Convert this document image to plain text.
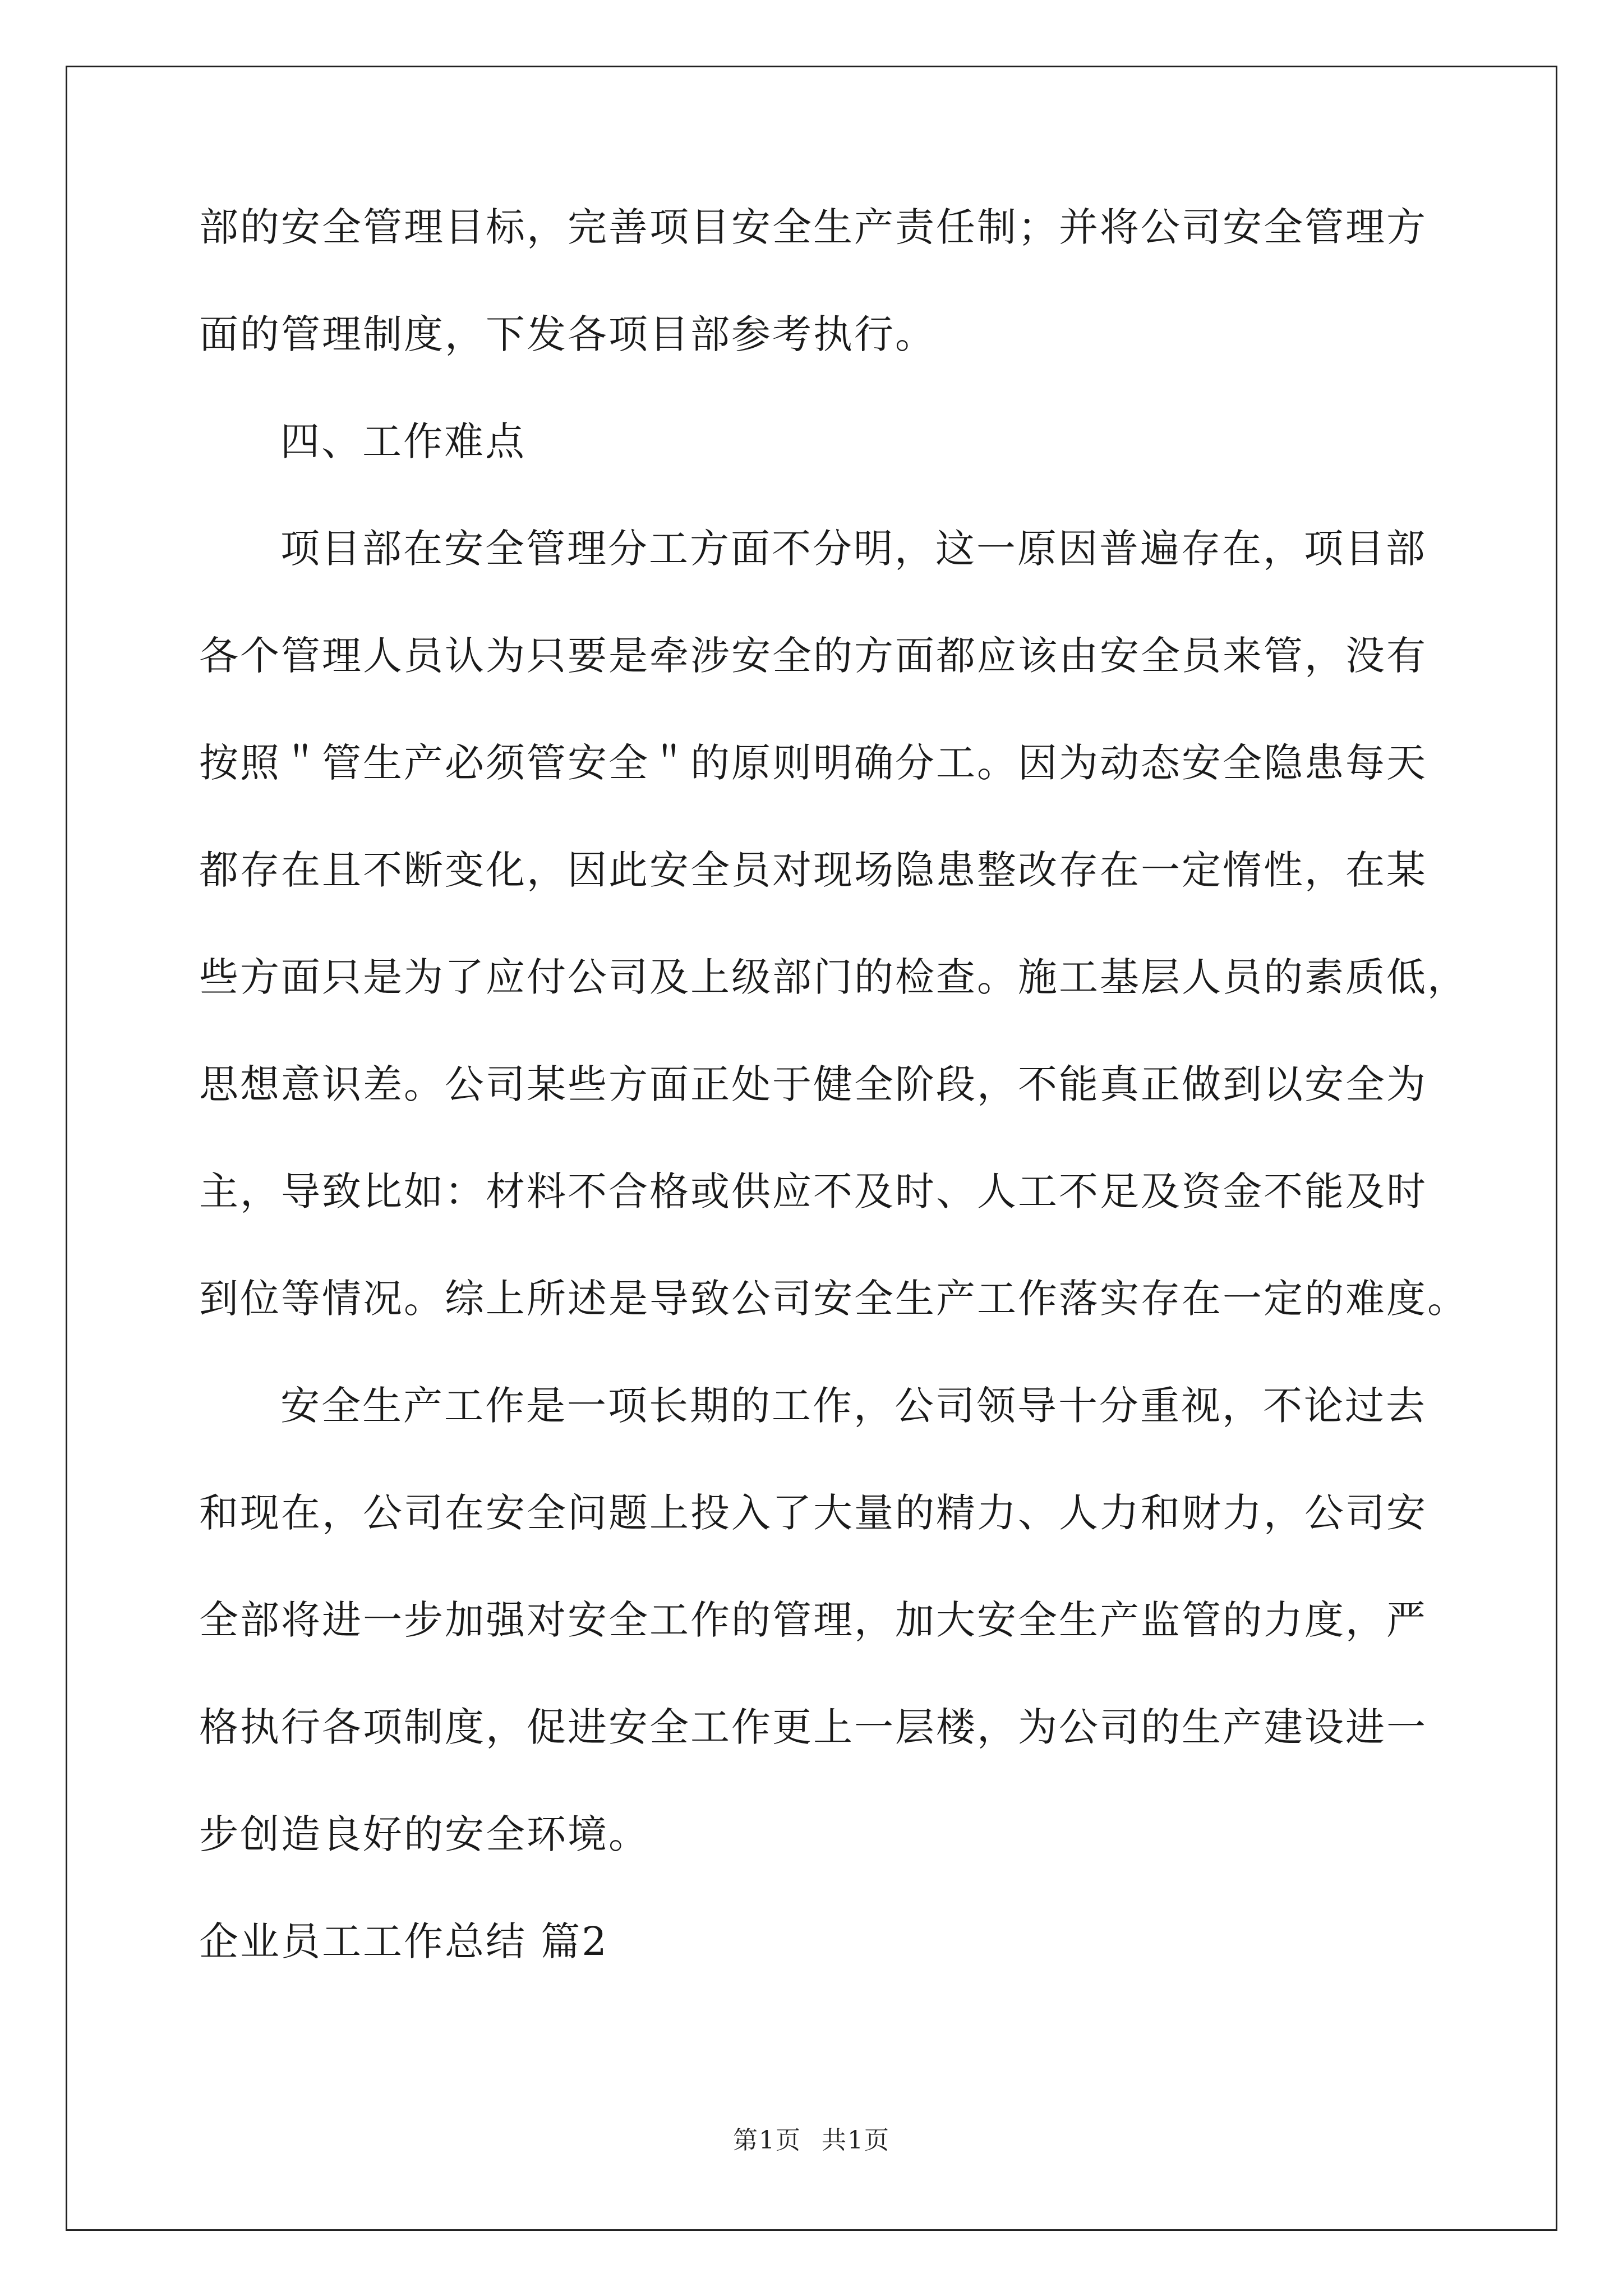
部的安全管理目标，完善项目安全生产责任制；并将公司安全管理方
面的管理制度，下发各项目部参考执行。
四、工作难点
项目部在安全管理分工方面不分明，这一原因普遍存在，项目部
各个管理人员认为只要是牵涉安全的方面都应该由安全员来管，没有
按照＂管生产必须管安全＂的原则明确分工。因为动态安全隐患每天
都存在且不断变化，因此安全员对现场隐患整改存在一定惰性，在某
些方面只是为了应付公司及上级部门的检查。施工基层人员的素质低，
思想意识差。公司某些方面正处于健全阶段，不能真正做到以安全为
主，导致比如：材料不合格或供应不及时、人工不足及资金不能及时
到位等情况。综上所述是导致公司安全生产工作落实存在一定的难度。
安全生产工作是一项长期的工作，公司领导十分重视，不论过去
和现在，公司在安全问题上投入了大量的精力、人力和财力，公司安
全部将进一步加强对安全工作的管理，加大安全生产监管的力度，严
格执行各项制度，促进安全工作更上一层楼，为公司的生产建设进一
步创造良好的安全环境。
企业员工工作总结 篇2
第1页 共1页
